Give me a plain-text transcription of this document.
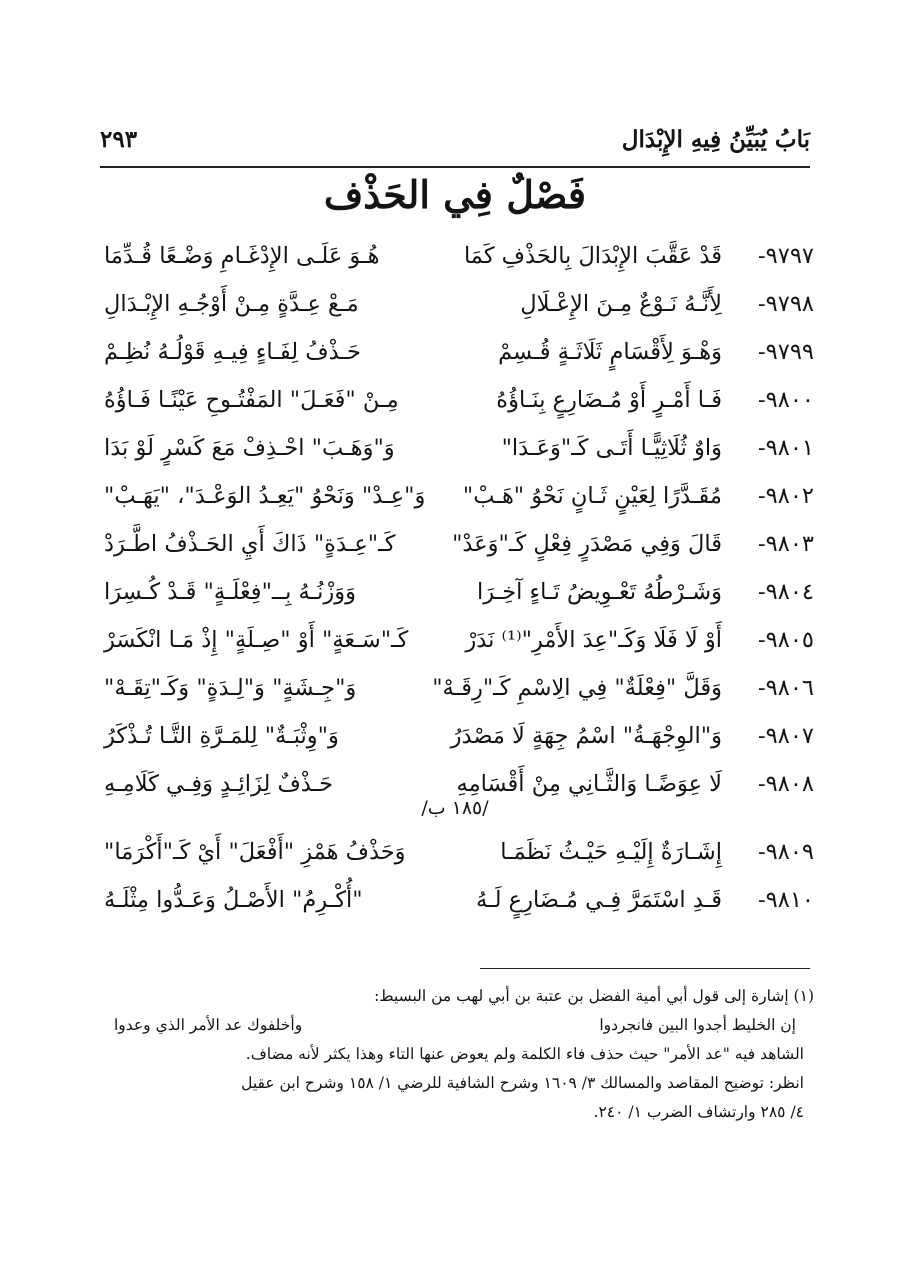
بَابُ يُبَيِّنُ فِيهِ الإِبْدَال
٢٩٣
فَصْلٌ فِي الحَذْف
٩٧٩٧-
قَدْ عَقَّبَ الإِبْدَالَ بِالحَذْفِ كَمَا
هُـوَ عَلَـى الإِدْغَـامِ وَضْـعًا قُـدِّمَا
٩٧٩٨-
لِأَنَّـهُ نَـوْعٌ مِـنَ الإِعْـلَالِ
مَـعْ عِـدَّةٍ مِـنْ أَوْجُـهِ الإِبْـدَالِ
٩٧٩٩-
وَهْـوَ لِأَقْسَامٍ ثَلَاثَـةٍ قُـسِمْ
حَـذْفُ لِفَـاءٍ فِيـهِ قَوْلُـهُ نُظِـمْ
٩٨٠٠-
فَـا أَمْـرٍ أَوْ مُـضَارِعٍ بِنَـاؤُهُ
مِـنْ "فَعَـلَ" المَفْتُـوحِ عَيْنًـا فَـاؤُهُ
٩٨٠١-
وَاوٌ ثُلَاثِيًّـا أَتَـى كَـ"وَعَـدَا"
وَ"وَهَـبَ" احْـذِفْ مَعَ كَسْرٍ لَوْ بَدَا
٩٨٠٢-
مُقَـدَّرًا لِعَيْنٍ ثَـانٍ نَحْوُ "هَـبْ"
وَ"عِـدْ" وَنَحْوُ "يَعِـدُ الوَعْـدَ"، "يَهَـبْ"
٩٨٠٣-
قَالَ وَفِي مَصْدَرٍ فِعْلٍ كَـ"وَعَدْ"
كَـ"عِـدَةٍ" ذَاكَ أَيِ الحَـذْفُ اطَّـرَدْ
٩٨٠٤-
وَشَـرْطُهُ تَعْـوِيضُ تَـاءٍ آخِـرَا
وَوَزْنُـهُ بِــ"فِعْلَـةٍ" قَـدْ كُـسِرَا
٩٨٠٥-
أَوْ لَا فَلَا وَكَـ"عِدَ الأَمْرِ"⁽¹⁾ نَدَرْ
كَـ"سَـعَةٍ" أَوْ "صِـلَةٍ" إِذْ مَـا انْكَسَرْ
٩٨٠٦-
وَقَلَّ "فِعْلَةٌ" فِي الِاسْمِ كَـ"رِقَـهْ"
وَ"جِـشَةٍ" وَ"لِـدَةٍ" وَكَـ"تِقَـهْ"
٩٨٠٧-
وَ"الوِجْهَـةُ" اسْمُ جِهَةٍ لَا مَصْدَرُ
وَ"وِثْبَـةٌ" لِلمَـرَّةِ التَّـا تُـذْكَرُ
٩٨٠٨-
لَا عِوَضًـا وَالثَّـانِي مِنْ أَقْسَامِهِ
حَـذْفٌ لِزَائِـدٍ وَفِـي كَلَامِـهِ
/١٨٥ ب/
٩٨٠٩-
إِشَـارَةٌ إِلَيْـهِ حَيْـثُ نَظَمَـا
وَحَذْفُ هَمْزِ "أَفْعَلَ" أَيْ كَـ"أَكْرَمَا"
٩٨١٠-
قَـدِ اسْتَمَرَّ فِـي مُـضَارِعٍ لَـهُ
"أُكْـرِمُ" الأَصْـلُ وَعَـدُّوا مِثْلَـهُ
(١) إشارة إلى قول أبي أمية الفضل بن عتبة بن أبي لهب من البسيط:
إن الخليط أجدوا البين فانجردوا
وأخلفوك عد الأمر الذي وعدوا
الشاهد فيه "عد الأمر" حيث حذف فاء الكلمة ولم يعوض عنها التاء وهذا يكثر لأنه مضاف.
انظر: توضيح المقاصد والمسالك ٣/ ١٦٠٩ وشرح الشافية للرضي ١/ ١٥٨ وشرح ابن عقيل
٤/ ٢٨٥ وارتشاف الضرب ١/ ٢٤٠.
